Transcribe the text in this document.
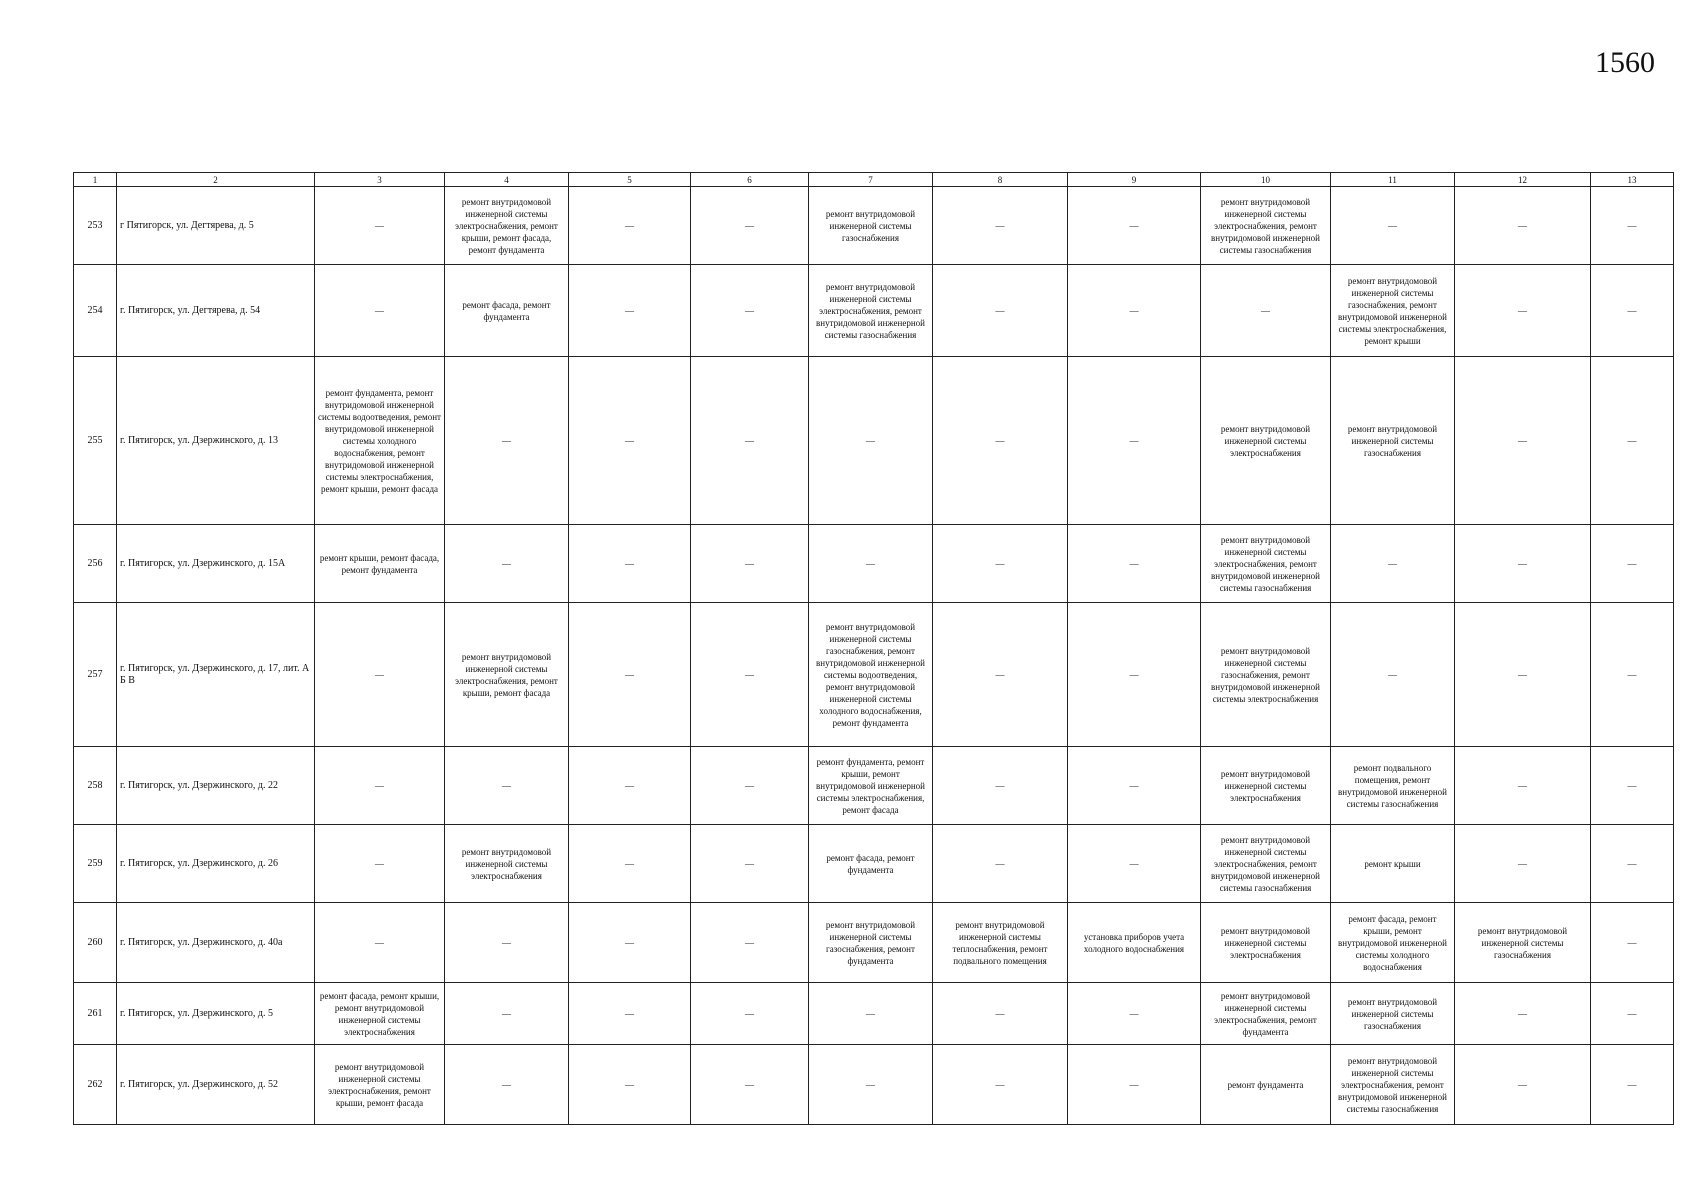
1560
1	2	3	4	5	6	7	8	9	10	11	12	13
253	г Пятигорск, ул. Дегтярева, д. 5	—	ремонт внутридомовой инженерной системы электроснабжения, ремонт крыши, ремонт фасада, ремонт фундамента	—	—	ремонт внутридомовой инженерной системы газоснабжения	—	—	ремонт внутридомовой инженерной системы электроснабжения, ремонт внутридомовой инженерной системы газоснабжения	—	—	—
254	г. Пятигорск, ул. Дегтярева, д. 54	—	ремонт фасада, ремонт фундамента	—	—	ремонт внутридомовой инженерной системы электроснабжения, ремонт внутридомовой инженерной системы газоснабжения	—	—	—	ремонт внутридомовой инженерной системы газоснабжения, ремонт внутридомовой инженерной системы электроснабжения, ремонт крыши	—	—
255	г. Пятигорск, ул. Дзержинского, д. 13	ремонт фундамента, ремонт внутридомовой инженерной системы водоотведения, ремонт внутридомовой инженерной системы холодного водоснабжения, ремонт внутридомовой инженерной системы электроснабжения, ремонт крыши, ремонт фасада	—	—	—	—	—	—	ремонт внутридомовой инженерной системы электроснабжения	ремонт внутридомовой инженерной системы газоснабжения	—	—
256	г. Пятигорск, ул. Дзержинского, д. 15А	ремонт крыши, ремонт фасада, ремонт фундамента	—	—	—	—	—	—	ремонт внутридомовой инженерной системы электроснабжения, ремонт внутридомовой инженерной системы газоснабжения	—	—	—
257	г. Пятигорск, ул. Дзержинского, д. 17, лит. А Б В	—	ремонт внутридомовой инженерной системы электроснабжения, ремонт крыши, ремонт фасада	—	—	ремонт внутридомовой инженерной системы газоснабжения, ремонт внутридомовой инженерной системы водоотведения, ремонт внутридомовой инженерной системы холодного водоснабжения, ремонт фундамента	—	—	ремонт внутридомовой инженерной системы газоснабжения, ремонт внутридомовой инженерной системы электроснабжения	—	—	—
258	г. Пятигорск, ул. Дзержинского, д. 22	—	—	—	—	ремонт фундамента, ремонт крыши, ремонт внутридомовой инженерной системы электроснабжения, ремонт фасада	—	—	ремонт внутридомовой инженерной системы электроснабжения	ремонт подвального помещения, ремонт внутридомовой инженерной системы газоснабжения	—	—
259	г. Пятигорск, ул. Дзержинского, д. 26	—	ремонт внутридомовой инженерной системы электроснабжения	—	—	ремонт фасада, ремонт фундамента	—	—	ремонт внутридомовой инженерной системы электроснабжения, ремонт внутридомовой инженерной системы газоснабжения	ремонт крыши	—	—
260	г. Пятигорск, ул. Дзержинского, д. 40а	—	—	—	—	ремонт внутридомовой инженерной системы газоснабжения, ремонт фундамента	ремонт внутридомовой инженерной системы теплоснабжения, ремонт подвального помещения	установка приборов учета холодного водоснабжения	ремонт внутридомовой инженерной системы электроснабжения	ремонт фасада, ремонт крыши, ремонт внутридомовой инженерной системы холодного водоснабжения	ремонт внутридомовой инженерной системы газоснабжения	—
261	г. Пятигорск, ул. Дзержинского, д. 5	ремонт фасада, ремонт крыши, ремонт внутридомовой инженерной системы электроснабжения	—	—	—	—	—	—	ремонт внутридомовой инженерной системы электроснабжения, ремонт фундамента	ремонт внутридомовой инженерной системы газоснабжения	—	—
262	г. Пятигорск, ул. Дзержинского, д. 52	ремонт внутридомовой инженерной системы электроснабжения, ремонт крыши, ремонт фасада	—	—	—	—	—	—	ремонт фундамента	ремонт внутридомовой инженерной системы электроснабжения, ремонт внутридомовой инженерной системы газоснабжения	—	—
